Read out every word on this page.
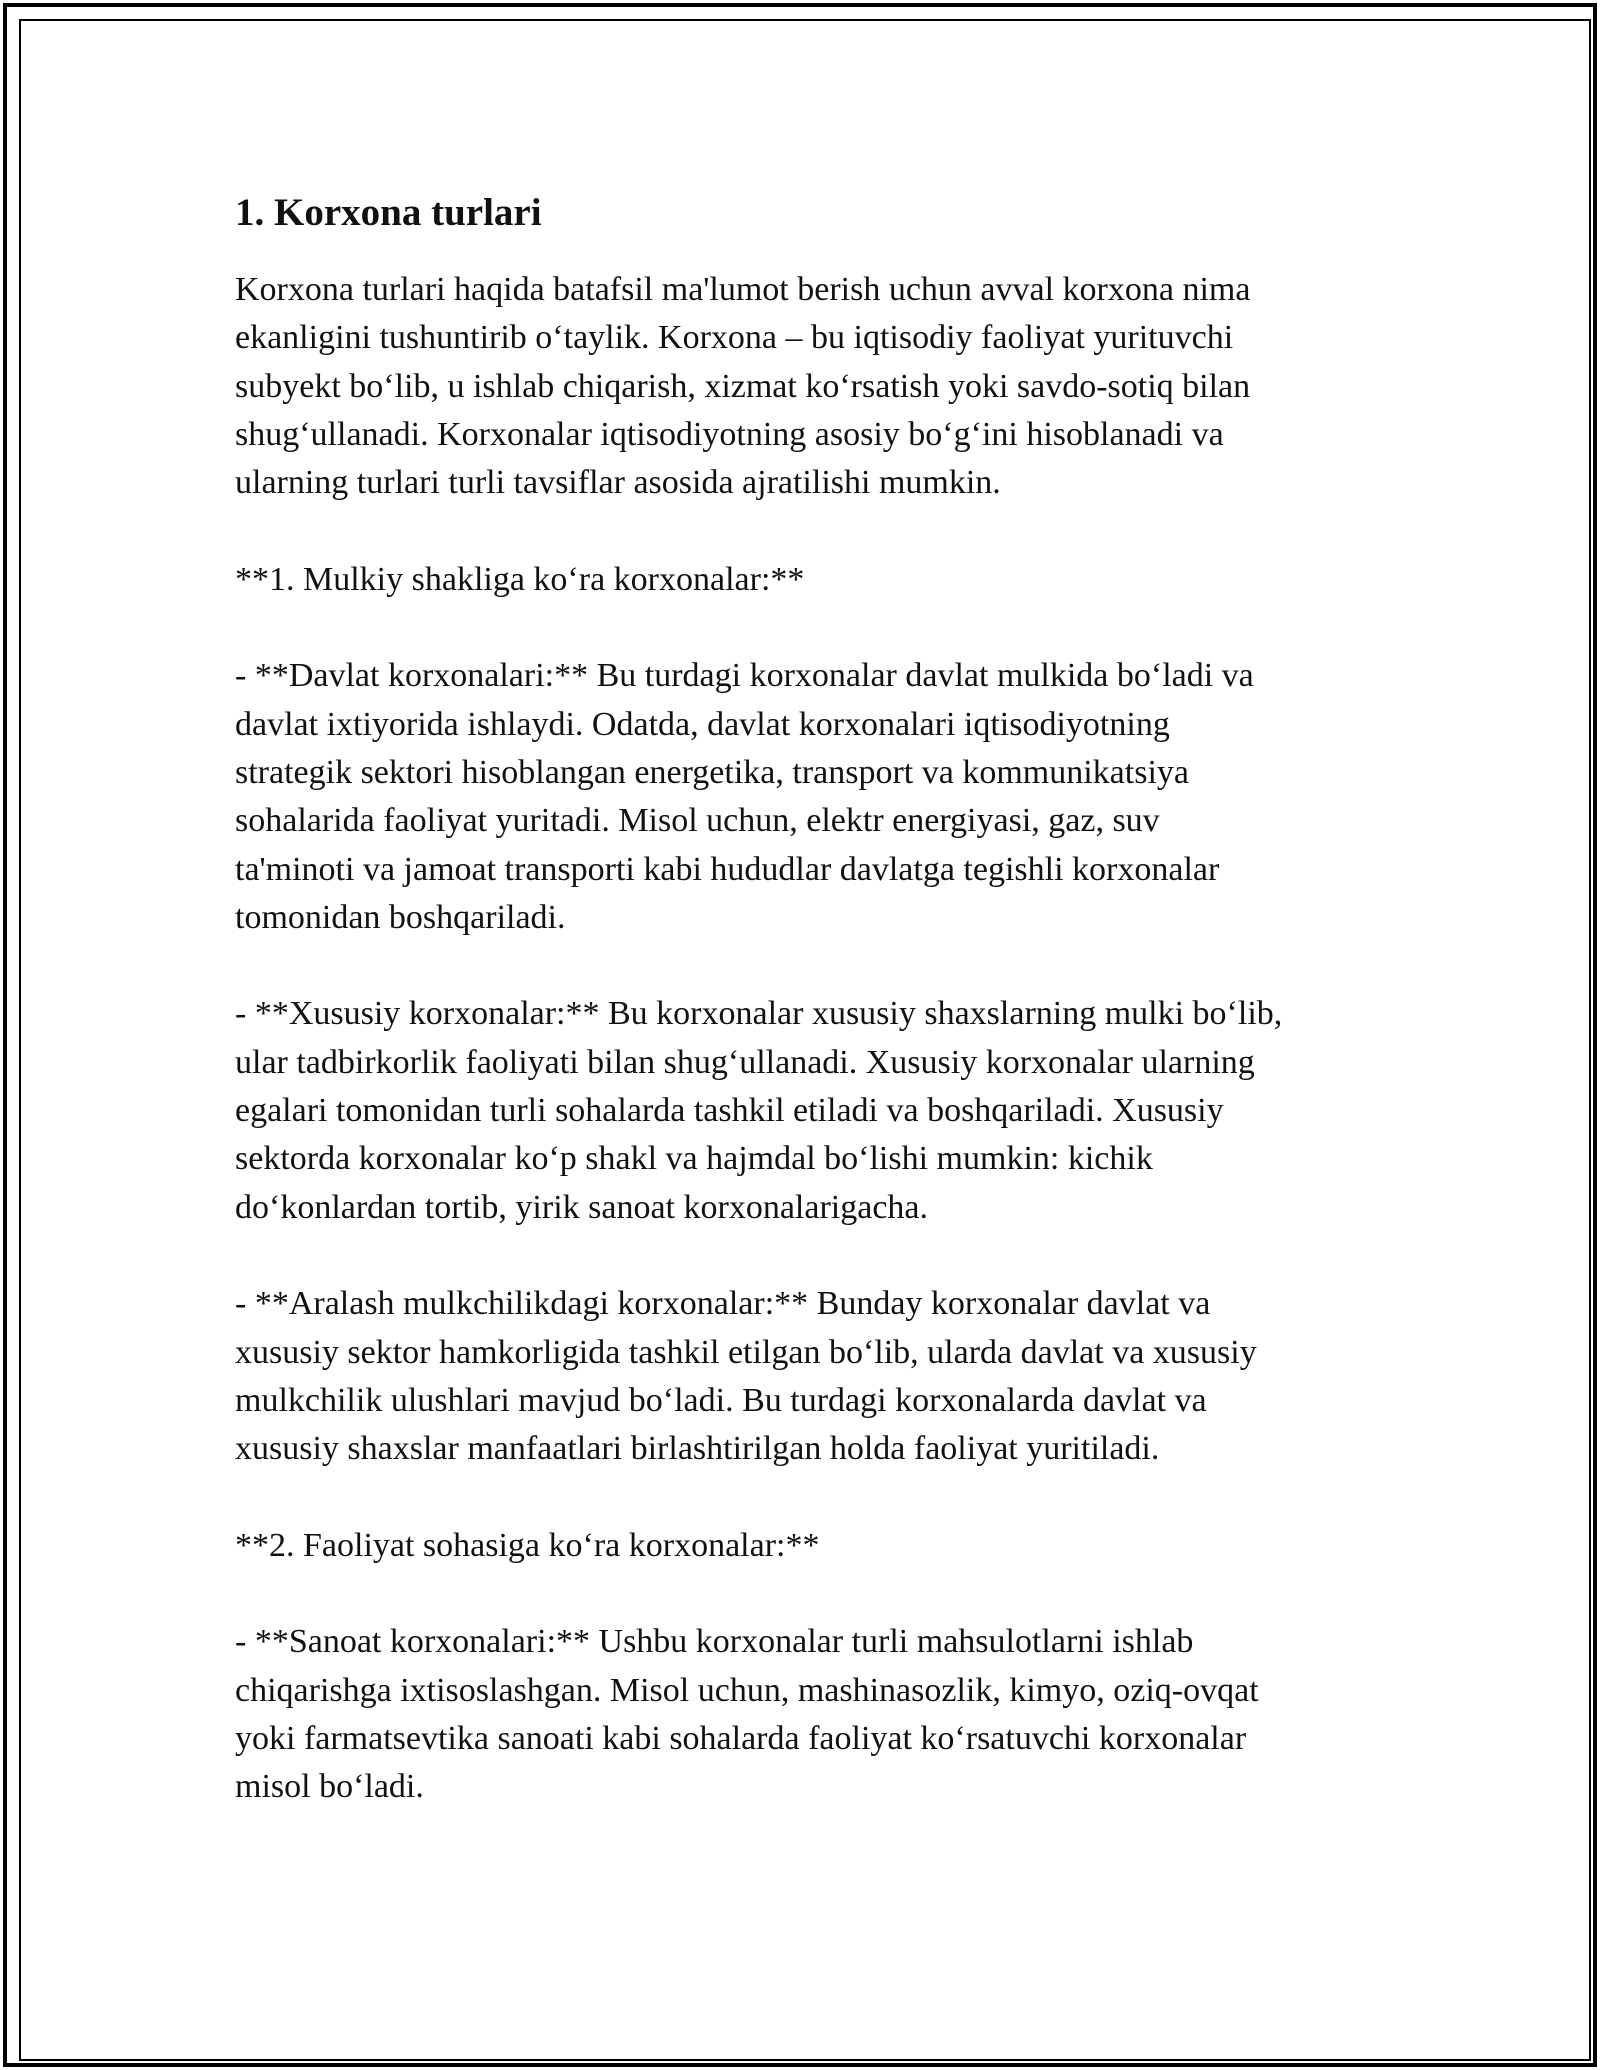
1. Korxona turlari
Korxona turlari haqida batafsil ma'lumot berish uchun avval korxona nima
ekanligini tushuntirib o‘taylik. Korxona – bu iqtisodiy faoliyat yurituvchi
subyekt bo‘lib, u ishlab chiqarish, xizmat ko‘rsatish yoki savdo-sotiq bilan
shug‘ullanadi. Korxonalar iqtisodiyotning asosiy bo‘g‘ini hisoblanadi va
ularning turlari turli tavsiflar asosida ajratilishi mumkin.
**1. Mulkiy shakliga ko‘ra korxonalar:**
- **Davlat korxonalari:** Bu turdagi korxonalar davlat mulkida bo‘ladi va
davlat ixtiyorida ishlaydi. Odatda, davlat korxonalari iqtisodiyotning
strategik sektori hisoblangan energetika, transport va kommunikatsiya
sohalarida faoliyat yuritadi. Misol uchun, elektr energiyasi, gaz, suv
ta'minoti va jamoat transporti kabi hududlar davlatga tegishli korxonalar
tomonidan boshqariladi.
- **Xususiy korxonalar:** Bu korxonalar xususiy shaxslarning mulki bo‘lib,
ular tadbirkorlik faoliyati bilan shug‘ullanadi. Xususiy korxonalar ularning
egalari tomonidan turli sohalarda tashkil etiladi va boshqariladi. Xususiy
sektorda korxonalar ko‘p shakl va hajmdal bo‘lishi mumkin: kichik
do‘konlardan tortib, yirik sanoat korxonalarigacha.
- **Aralash mulkchilikdagi korxonalar:** Bunday korxonalar davlat va
xususiy sektor hamkorligida tashkil etilgan bo‘lib, ularda davlat va xususiy
mulkchilik ulushlari mavjud bo‘ladi. Bu turdagi korxonalarda davlat va
xususiy shaxslar manfaatlari birlashtirilgan holda faoliyat yuritiladi.
**2. Faoliyat sohasiga ko‘ra korxonalar:**
- **Sanoat korxonalari:** Ushbu korxonalar turli mahsulotlarni ishlab
chiqarishga ixtisoslashgan. Misol uchun, mashinasozlik, kimyo, oziq-ovqat
yoki farmatsevtika sanoati kabi sohalarda faoliyat ko‘rsatuvchi korxonalar
misol bo‘ladi.
